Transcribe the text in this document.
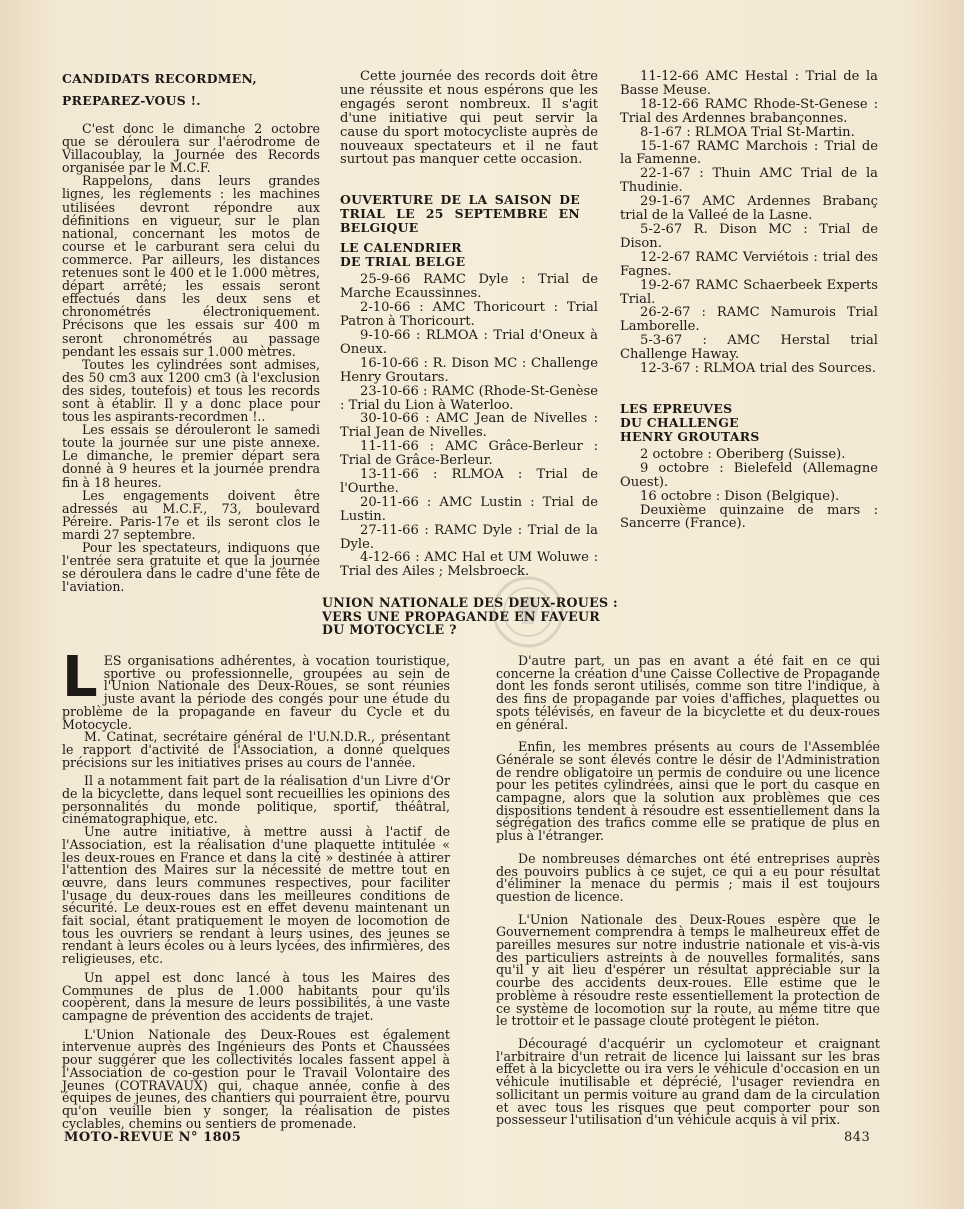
CANDIDATS RECORDMEN,

PREPAREZ-VOUS !.

C'est donc le dimanche 2 octobre que se déroulera sur l'aérodrome de Villacoublay, la Journée des Records organisée par le M.C.F.

Rappelons, dans leurs grandes lignes, les réglements : les machines utilisées devront répondre aux définitions en vigueur, sur le plan national, concernant les motos de course et le carburant sera celui du commerce. Par ailleurs, les distances retenues sont le 400 et le 1.000 mètres, départ arrêté; les essais seront effectués dans les deux sens et chronométrés électroniquement. Précisons que les essais sur 400 m seront chronométrés au passage pendant les essais sur 1.000 mètres.

Toutes les cylindrées sont admises, des 50 cm3 aux 1200 cm3 (à l'exclusion des sides, toutefois) et tous les records sont à établir. Il y a donc place pour tous les aspirants-recordmen !..

Les essais se dérouleront le samedi toute la journée sur une piste annexe. Le dimanche, le premier départ sera donné à 9 heures et la journée prendra fin à 18 heures.

Les engagements doivent être adressés au M.C.F., 73, boulevard Péreire. Paris-17e et ils seront clos le mardi 27 septembre.

Pour les spectateurs, indiquons que l'entrée sera gratuite et que la journée se déroulera dans le cadre d'une fête de l'aviation.

Cette journée des records doit être une réussite et nous espérons que les engagés seront nombreux. Il s'agit d'une initiative qui peut servir la cause du sport motocycliste auprès de nouveaux spectateurs et il ne faut surtout pas manquer cette occasion.

OUVERTURE DE LA SAISON DE TRIAL LE 25 SEPTEMBRE EN BELGIQUE

LE CALENDRIER

DE TRIAL BELGE

25-9-66 RAMC Dyle : Trial de Marche Ecaussinnes.

2-10-66 : AMC Thoricourt : Trial Patron à Thoricourt.

9-10-66 : RLMOA : Trial d'Oneux à Oneux.

16-10-66 : R. Dison MC : Challenge Henry Groutars.

23-10-66 : RAMC (Rhode-St-Genèse : Trial du Lion à Waterloo.

30-10-66 : AMC Jean de Nivelles : Trial Jean de Nivelles.

11-11-66 : AMC Grâce-Berleur : Trial de Grâce-Berleur.

13-11-66 : RLMOA : Trial de l'Ourthe.

20-11-66 : AMC Lustin : Trial de Lustin.

27-11-66 : RAMC Dyle : Trial de la Dyle.

4-12-66 : AMC Hal et UM Woluwe : Trial des Ailes ; Melsbroeck.

11-12-66 AMC Hestal : Trial de la Basse Meuse.

18-12-66 RAMC Rhode-St-Genese : Trial des Ardennes brabançonnes.

8-1-67 : RLMOA Trial St-Martin.

15-1-67 RAMC Marchois : Trial de la Famenne.

22-1-67 : Thuin AMC Trial de la Thudinie.

29-1-67 AMC Ardennes Brabanç trial de la Valleé de la Lasne.

5-2-67 R. Dison MC : Trial de Dison.

12-2-67 RAMC Verviétois : trial des Fagnes.

19-2-67 RAMC Schaerbeek Experts Trial.

26-2-67 : RAMC Namurois Trial Lamborelle.

5-3-67 : AMC Herstal trial Challenge Haway.

12-3-67 : RLMOA trial des Sources.

LES EPREUVES

DU CHALLENGE

HENRY GROUTARS

2 octobre : Oberiberg (Suisse).

9 octobre : Bielefeld (Allemagne Ouest).

16 octobre : Dison (Belgique).

Deuxième quinzaine de mars : Sancerre (France).

UNION NATIONALE DES DEUX-ROUES :
VERS UNE PROPAGANDE EN FAVEUR
DU MOTOCYCLE ?

LES organisations adhérentes, à vocation touristique, sportive ou professionnelle, groupées au sein de l'Union Nationale des Deux-Roues, se sont réunies juste avant la période des congés pour une étude du problème de la propagande en faveur du Cycle et du Motocycle.

M. Catinat, secrétaire général de l'U.N.D.R., présentant le rapport d'activité de l'Association, a donné quelques précisions sur les initiatives prises au cours de l'année.

Il a notamment fait part de la réalisation d'un Livre d'Or de la bicyclette, dans lequel sont recueillies les opinions des personnalités du monde politique, sportif, théâtral, cinématographique, etc.

Une autre initiative, à mettre aussi à l'actif de l'Association, est la réalisation d'une plaquette intitulée « les deux-roues en France et dans la cité » destinée à attirer l'attention des Maires sur la nécessité de mettre tout en œuvre, dans leurs communes respectives, pour faciliter l'usage du deux-roues dans les meilleures conditions de sécurité. Le deux-roues est en effet devenu maintenant un fait social, étant pratiquement le moyen de locomotion de tous les ouvriers se rendant à leurs usines, des jeunes se rendant à leurs écoles ou à leurs lycées, des infirmières, des religieuses, etc.

Un appel est donc lancé à tous les Maires des Communes de plus de 1.000 habitants pour qu'ils coopèrent, dans la mesure de leurs possibilités, à une vaste campagne de prévention des accidents de trajet.

L'Union Nationale des Deux-Roues est également intervenue auprès des Ingénieurs des Ponts et Chaussées pour suggérer que les collectivités locales fassent appel à l'Association de co-gestion pour le Travail Volontaire des Jeunes (COTRAVAUX) qui, chaque année, confie à des équipes de jeunes, des chantiers qui pourraient être, pourvu qu'on veuille bien y songer, la réalisation de pistes cyclables, chemins ou sentiers de promenade.

D'autre part, un pas en avant a été fait en ce qui concerne la création d'une Caisse Collective de Propagande dont les fonds seront utilisés, comme son titre l'indique, à des fins de propagande par voies d'affiches, plaquettes ou spots télévisés, en faveur de la bicyclette et du deux-roues en général.

Enfin, les membres présents au cours de l'Assemblée Générale se sont élevés contre le désir de l'Administration de rendre obligatoire un permis de conduire ou une licence pour les petites cylindrées, ainsi que le port du casque en campagne, alors que la solution aux problèmes que ces dispositions tendent à résoudre est essentiellement dans la ségrégation des trafics comme elle se pratique de plus en plus à l'étranger.

De nombreuses démarches ont été entreprises auprès des pouvoirs publics à ce sujet, ce qui a eu pour résultat d'éliminer la menace du permis ; mais il est toujours question de licence.

L'Union Nationale des Deux-Roues espère que le Gouvernement comprendra à temps le malheureux effet de pareilles mesures sur notre industrie nationale et vis-à-vis des particuliers astreints à de nouvelles formalités, sans qu'il y ait lieu d'espérer un résultat appréciable sur la courbe des accidents deux-roues. Elle estime que le problème à résoudre reste essentiellement la protection de ce système de locomotion sur la route, au même titre que le trottoir et le passage clouté protègent le piéton.

Découragé d'acquérir un cyclomoteur et craignant l'arbitraire d'un retrait de licence lui laissant sur les bras effet à la bicyclette ou ira vers le véhicule d'occasion en un véhicule inutilisable et déprécié, l'usager reviendra en sollicitant un permis voiture au grand dam de la circulation et avec tous les risques que peut comporter pour son possesseur l'utilisation d'un véhicule acquis à vil prix.

MOTO-REVUE N° 1805	843
